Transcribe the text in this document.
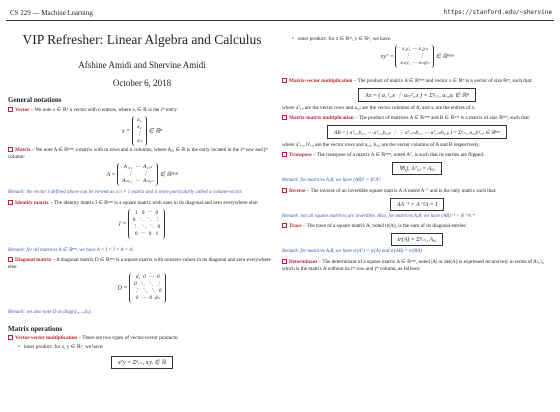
CS 229 — Machine Learning	https://stanford.edu/~shervine
VIP Refresher: Linear Algebra and Calculus
Afshine Amidi and Shervine Amidi
October 6, 2018
General notations
Vector – We note x ∈ ℝⁿ a vector with n entries, where xᵢ ∈ ℝ is the iᵗʰ entry:
x = x₁
x₂
⋮
xₙ ∈ ℝⁿ
Matrix – We note A ∈ ℝᵐˣⁿ a matrix with m rows and n columns, where Aᵢ,ⱼ ∈ ℝ is the entry located in the iᵗʰ row and jᵗʰ column:
A = A₁,₁  ⋯  A₁,ₙ
⋮       ⋮
Aₘ,₁  ⋯  Aₘ,ₙ ∈ ℝᵐˣⁿ
Remark: the vector x defined above can be viewed as a n × 1 matrix and is more particularly called a column-vector.
Identity matrix – The identity matrix I ∈ ℝⁿˣⁿ is a square matrix with ones in its diagonal and zero everywhere else:
I = 1   0  ⋯  0
0  ⋱  ⋱  ⋮
⋮  ⋱  ⋱  0
0  ⋯  0   1
Remark: for all matrices A ∈ ℝⁿˣⁿ, we have A × I = I × A = A.
Diagonal matrix – A diagonal matrix D ∈ ℝⁿˣⁿ is a square matrix with nonzero values in its diagonal and zero everywhere else:
D = d₁  0  ⋯  0
0  ⋱  ⋱  ⋮
⋮  ⋱  ⋱  0
0  ⋯  0  dₙ
Remark: we also note D as diag(d₁,...,dₙ).
Matrix operations
Vector-vector multiplication – There are two types of vector-vector products:
• inner product: for x, y ∈ ℝⁿ, we have:
xᵀy = Σⁿᵢ₌₁ xᵢyᵢ ∈ ℝ
• outer product: for x ∈ ℝᵐ, y ∈ ℝⁿ, we have:
xyᵀ = x₁y₁ ⋯ x₁yₙ
⋮      ⋮
xₘy₁ ⋯ xₘyₙ ∈ ℝᵐˣⁿ
Matrix-vector multiplication – The product of matrix A ∈ ℝᵐˣⁿ and vector x ∈ ℝⁿ is a vector of size ℝᵐ, such that:
Ax = ( a₁ᵀ,ᵣx ⋮ aₘᵀ,ᵣx ) = Σⁿᵢ₌₁ a꜀,ᵢxᵢ ∈ ℝᵐ
where aᵀᵣ,ᵢ are the vector rows and a꜀,ⱼ are the vector columns of A, and xᵢ are the entries of x.
Matrix-matrix multiplication – The product of matrices A ∈ ℝᵐˣⁿ and B ∈ ℝⁿˣᵖ is a matrix of size ℝⁿˣᵖ, such that:
AB = ( aᵀᵣ,₁b꜀,₁ ⋯ aᵀᵣ,₁b꜀,ₚ ⋮ ⋮ aᵀᵣ,ₘb꜀,₁ ⋯ aᵀᵣ,ₘb꜀,ₚ ) = Σⁿᵢ₌₁ a꜀,ᵢbᵀᵣ,ᵢ ∈ ℝⁿˣᵖ
where aᵀᵣ,ᵢ, bᵀᵣ,ᵢ are the vector rows and a꜀,ⱼ, b꜀,ⱼ are the vector columns of A and B respectively.
Transpose – The transpose of a matrix A ∈ ℝᵐˣⁿ, noted Aᵀ, is such that its entries are flipped:
∀i,j, Aᵀᵢ,ⱼ = Aⱼ,ᵢ
Remark: for matrices A,B, we have (AB)ᵀ = BᵀAᵀ.
Inverse – The inverse of an invertible square matrix A is noted A⁻¹ and is the only matrix such that:
AA⁻¹ = A⁻¹A = I
Remark: not all square matrices are invertible. Also, for matrices A,B, we have (AB)⁻¹ = B⁻¹A⁻¹
Trace – The trace of a square matrix A, noted tr(A), is the sum of its diagonal entries:
tr(A) = Σⁿᵢ₌₁ Aᵢ,ᵢ
Remark: for matrices A,B, we have tr(Aᵀ) = tr(A) and tr(AB) = tr(BA)
Determinant – The determinant of a square matrix A ∈ ℝⁿˣⁿ, noted |A| or det(A) is expressed recursively in terms of A\ᵢ,\ⱼ, which is the matrix A without its iᵗʰ row and jᵗʰ column, as follows:
